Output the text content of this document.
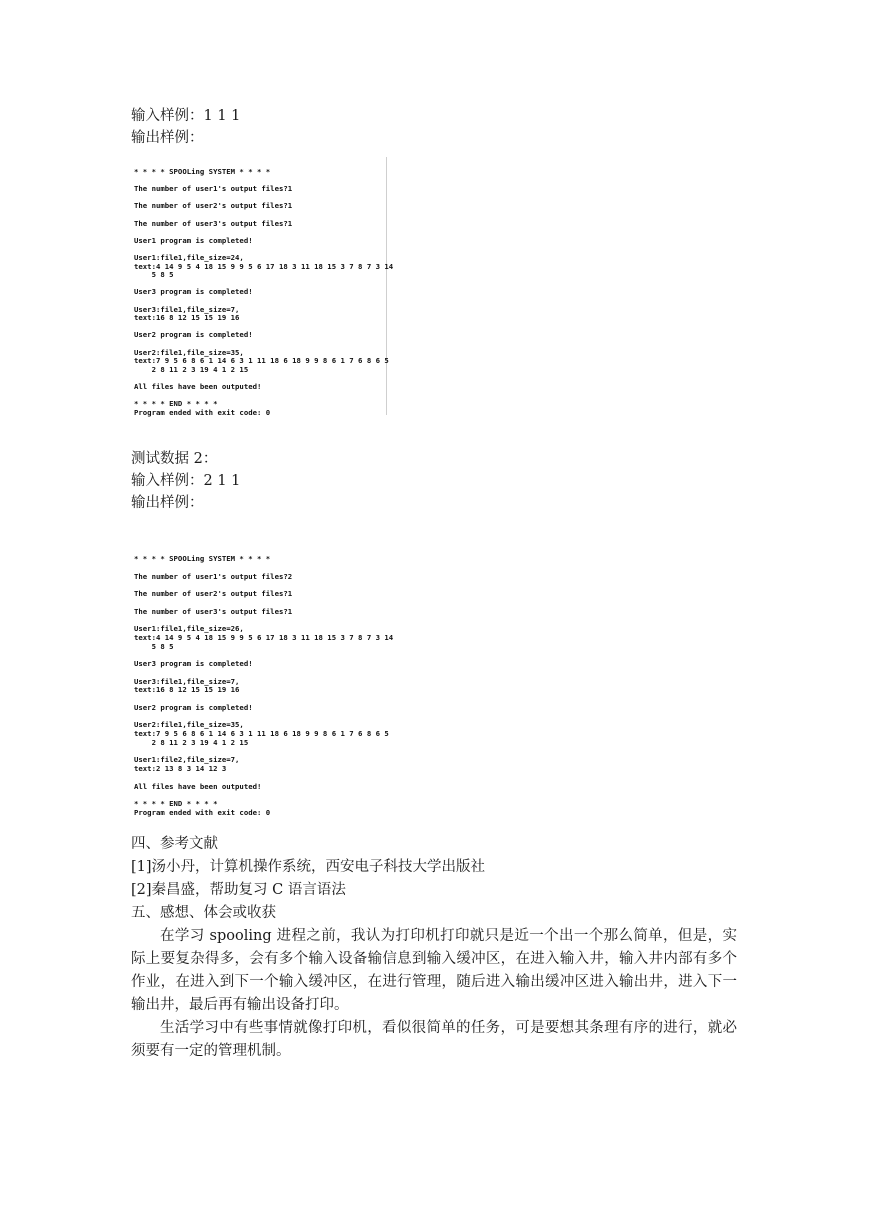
输入样例：1 1 1
输出样例：
* * * * SPOOLing SYSTEM * * * *
The number of user1's output files?1
The number of user2's output files?1
The number of user3's output files?1
User1 program is completed!
User1:file1,file_size=24,
text:4 14 9 5 4 18 15 9 9 5 6 17 18 3 11 18 15 3 7 8 7 3 14
5 8 5
User3 program is completed!
User3:file1,file_size=7,
text:16 8 12 15 15 19 16
User2 program is completed!
User2:file1,file_size=35,
text:7 9 5 6 8 6 1 14 6 3 1 11 18 6 18 9 9 8 6 1 7 6 8 6 5
2 8 11 2 3 19 4 1 2 15
All files have been outputed!
* * * * END * * * *
Program ended with exit code: 0
测试数据 2：
输入样例：2 1 1
输出样例：
* * * * SPOOLing SYSTEM * * * *
The number of user1's output files?2
The number of user2's output files?1
The number of user3's output files?1
User1:file1,file_size=26,
text:4 14 9 5 4 18 15 9 9 5 6 17 18 3 11 18 15 3 7 8 7 3 14
5 8 5
User3 program is completed!
User3:file1,file_size=7,
text:16 8 12 15 15 19 16
User2 program is completed!
User2:file1,file_size=35,
text:7 9 5 6 8 6 1 14 6 3 1 11 18 6 18 9 9 8 6 1 7 6 8 6 5
2 8 11 2 3 19 4 1 2 15
User1:file2,file_size=7,
text:2 13 8 3 14 12 3
All files have been outputed!
* * * * END * * * *
Program ended with exit code: 0
四、参考文献
[1]汤小丹，计算机操作系统，西安电子科技大学出版社
[2]秦昌盛，帮助复习 C 语言语法
五、感想、体会或收获
在学习 spooling 进程之前，我认为打印机打印就只是近一个出一个那么简单，但是，实际上要复杂得多，会有多个输入设备输信息到输入缓冲区，在进入输入井，输入井内部有多个作业，在进入到下一个输入缓冲区，在进行管理，随后进入输出缓冲区进入输出井，进入下一输出井，最后再有输出设备打印。
生活学习中有些事情就像打印机，看似很简单的任务，可是要想其条理有序的进行，就必须要有一定的管理机制。
